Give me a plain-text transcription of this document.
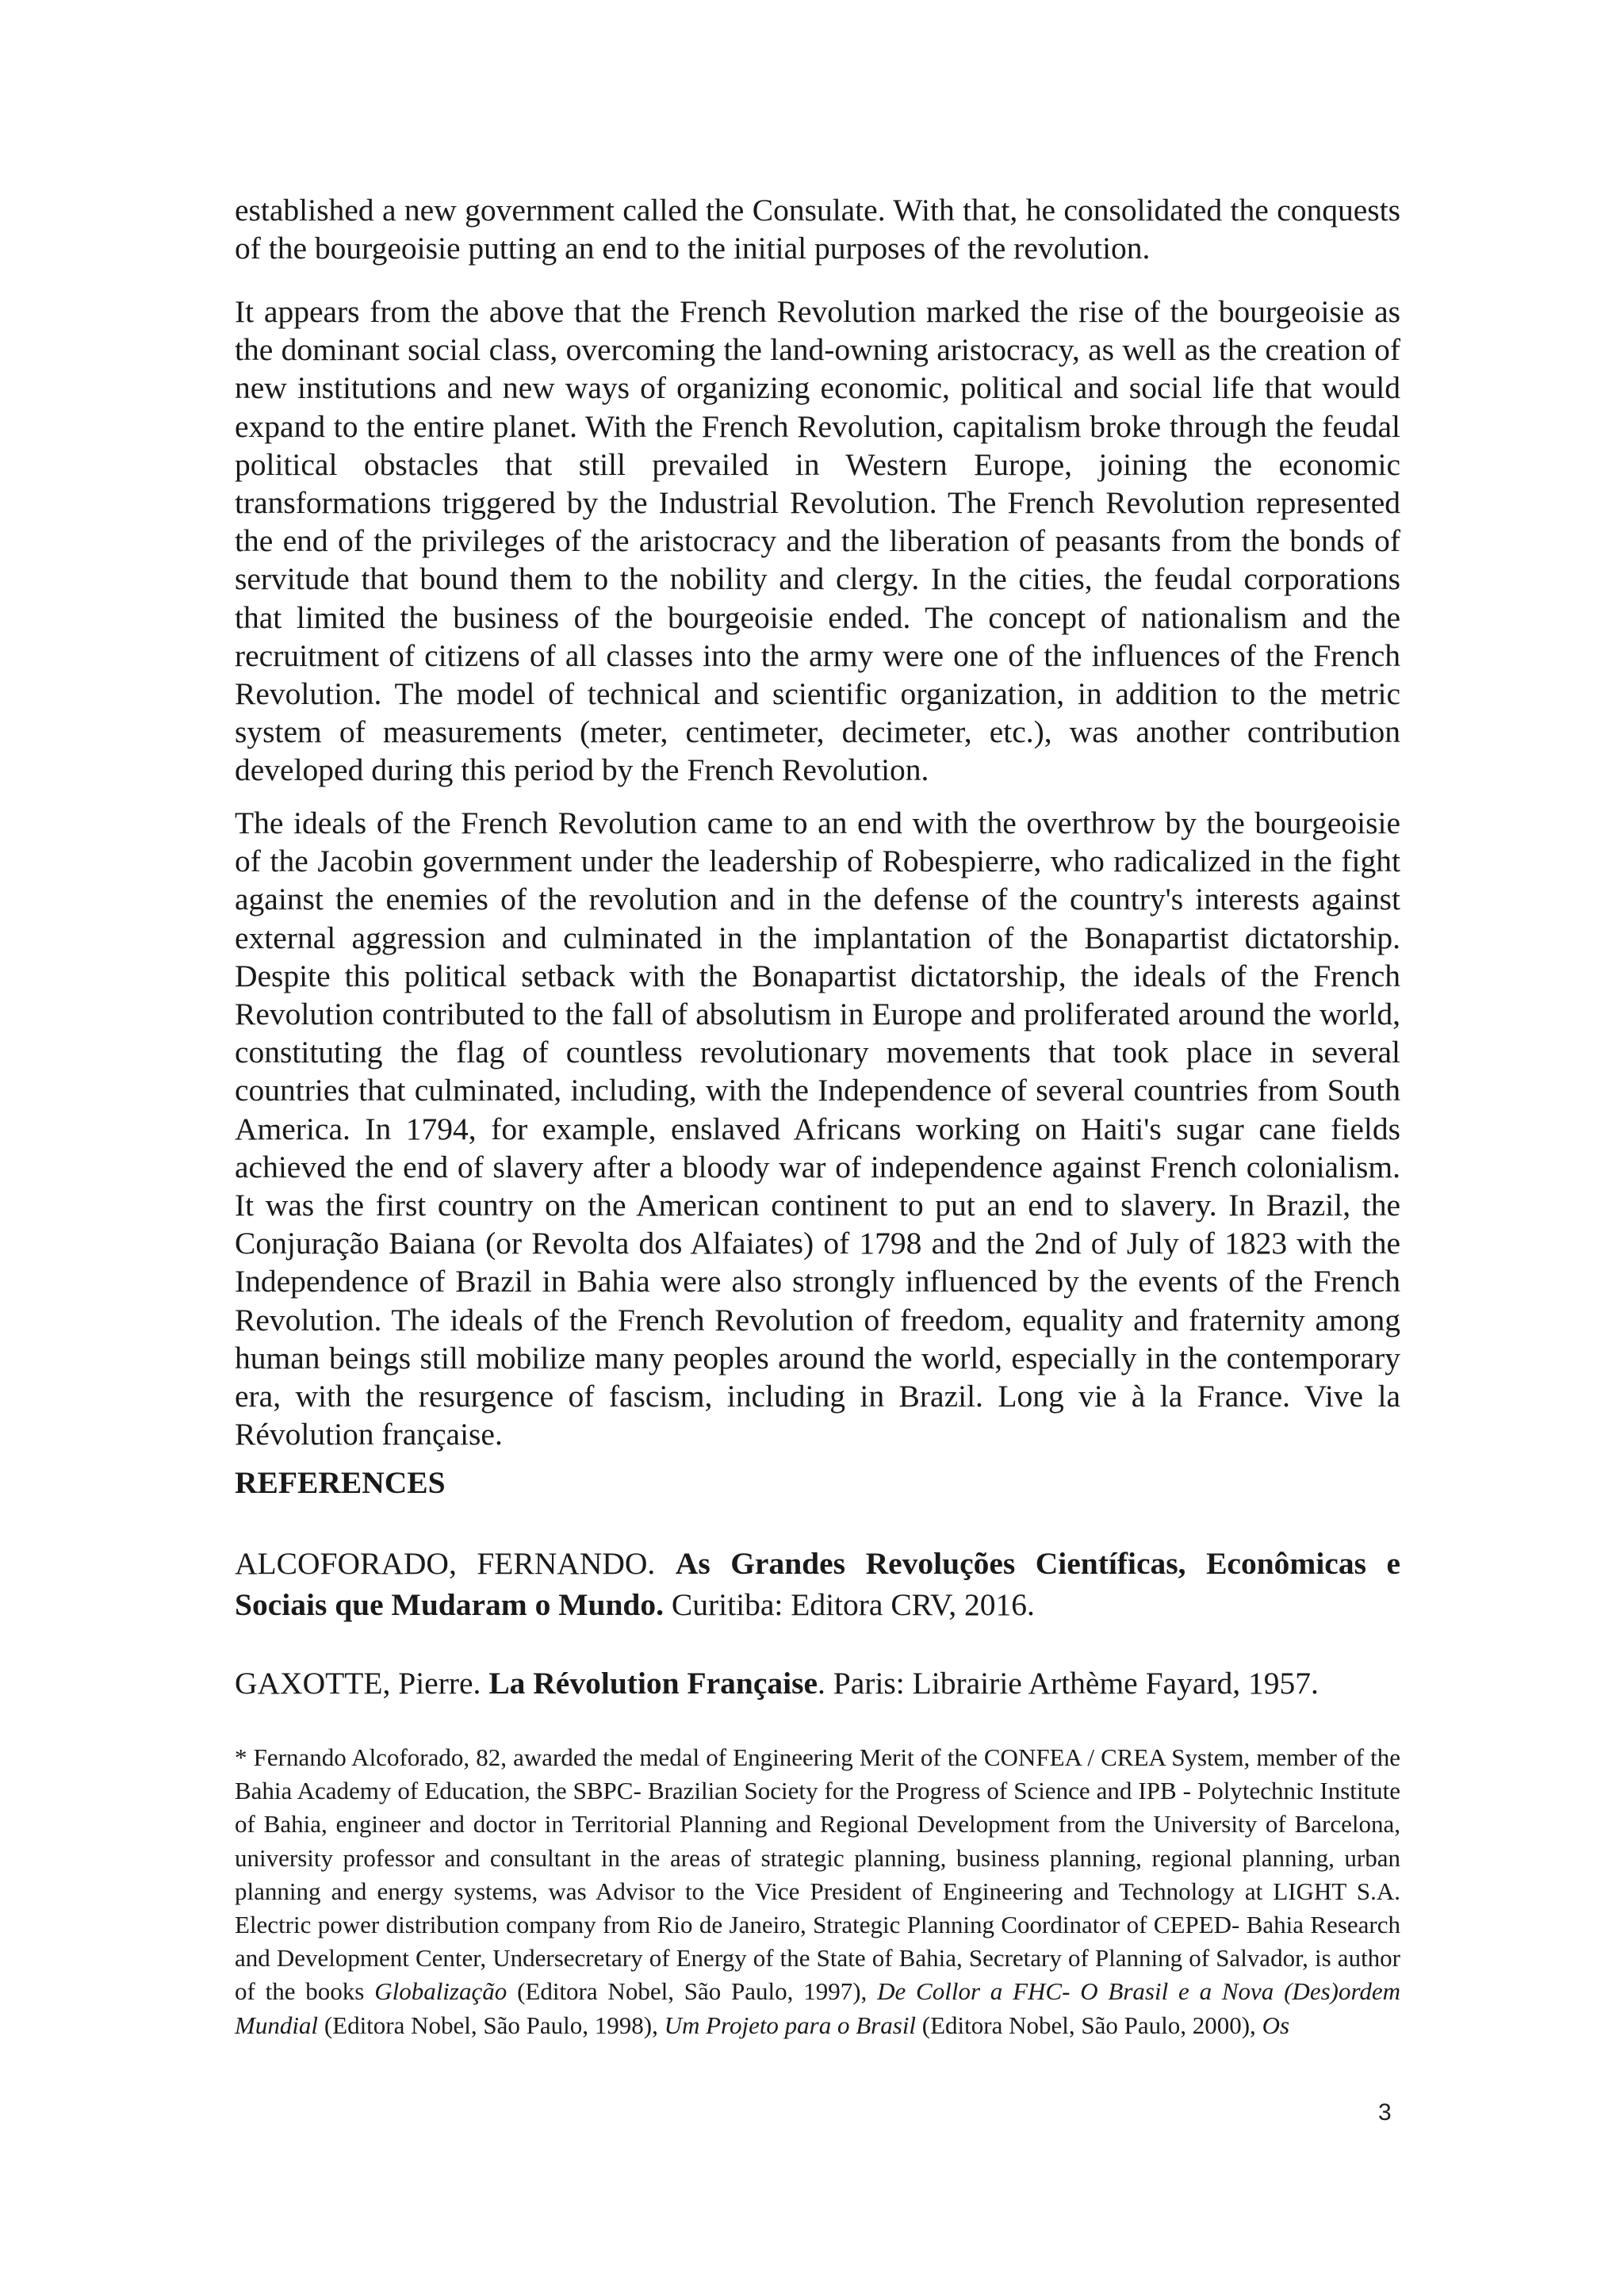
established a new government called the Consulate. With that, he consolidated the conquests of the bourgeoisie putting an end to the initial purposes of the revolution.

It appears from the above that the French Revolution marked the rise of the bourgeoisie as the dominant social class, overcoming the land-owning aristocracy, as well as the creation of new institutions and new ways of organizing economic, political and social life that would expand to the entire planet. With the French Revolution, capitalism broke through the feudal political obstacles that still prevailed in Western Europe, joining the economic transformations triggered by the Industrial Revolution. The French Revolution represented the end of the privileges of the aristocracy and the liberation of peasants from the bonds of servitude that bound them to the nobility and clergy. In the cities, the feudal corporations that limited the business of the bourgeoisie ended. The concept of nationalism and the recruitment of citizens of all classes into the army were one of the influences of the French Revolution. The model of technical and scientific organization, in addition to the metric system of measurements (meter, centimeter, decimeter, etc.), was another contribution developed during this period by the French Revolution.

The ideals of the French Revolution came to an end with the overthrow by the bourgeoisie of the Jacobin government under the leadership of Robespierre, who radicalized in the fight against the enemies of the revolution and in the defense of the country's interests against external aggression and culminated in the implantation of the Bonapartist dictatorship. Despite this political setback with the Bonapartist dictatorship, the ideals of the French Revolution contributed to the fall of absolutism in Europe and proliferated around the world, constituting the flag of countless revolutionary movements that took place in several countries that culminated, including, with the Independence of several countries from South America. In 1794, for example, enslaved Africans working on Haiti's sugar cane fields achieved the end of slavery after a bloody war of independence against French colonialism. It was the first country on the American continent to put an end to slavery. In Brazil, the Conjuração Baiana (or Revolta dos Alfaiates) of 1798 and the 2nd of July of 1823 with the Independence of Brazil in Bahia were also strongly influenced by the events of the French Revolution. The ideals of the French Revolution of freedom, equality and fraternity among human beings still mobilize many peoples around the world, especially in the contemporary era, with the resurgence of fascism, including in Brazil. Long vie à la France. Vive la Révolution française.

REFERENCES

ALCOFORADO, FERNANDO. As Grandes Revoluções Científicas, Econômicas e Sociais que Mudaram o Mundo. Curitiba: Editora CRV, 2016.

GAXOTTE, Pierre. La Révolution Française. Paris: Librairie Arthème Fayard, 1957.

* Fernando Alcoforado, 82, awarded the medal of Engineering Merit of the CONFEA / CREA System, member of the Bahia Academy of Education, the SBPC- Brazilian Society for the Progress of Science and IPB - Polytechnic Institute of Bahia, engineer and doctor in Territorial Planning and Regional Development from the University of Barcelona, university professor and consultant in the areas of strategic planning, business planning, regional planning, urban planning and energy systems, was Advisor to the Vice President of Engineering and Technology at LIGHT S.A. Electric power distribution company from Rio de Janeiro, Strategic Planning Coordinator of CEPED- Bahia Research and Development Center, Undersecretary of Energy of the State of Bahia, Secretary of Planning of Salvador, is author of the books Globalização (Editora Nobel, São Paulo, 1997), De Collor a FHC- O Brasil e a Nova (Des)ordem Mundial (Editora Nobel, São Paulo, 1998), Um Projeto para o Brasil (Editora Nobel, São Paulo, 2000), Os

3
